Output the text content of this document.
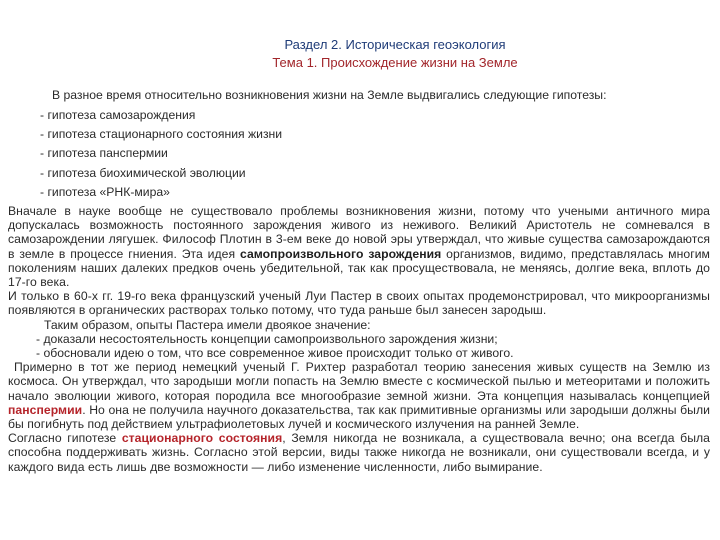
Раздел 2. Историческая геоэкология
Тема 1. Происхождение жизни на Земле
В разное время относительно возникновения жизни на Земле выдвигались следующие гипотезы:
- гипотеза самозарождения
- гипотеза стационарного состояния жизни
- гипотеза панспермии
- гипотеза биохимической эволюции
- гипотеза «РНК-мира»

Вначале в науке вообще не существовало проблемы возникновения жизни, потому что учеными античного мира допускалась возможность постоянного зарождения живого из неживого. Великий Аристотель не сомневался в самозарождении лягушек. Философ Плотин в 3-ем веке до новой эры утверждал, что живые существа самозарождаются в земле в процессе гниения. Эта идея самопроизвольного зарождения организмов, видимо, представлялась многим поколениям наших далеких предков очень убедительной, так как просуществовала, не меняясь, долгие века, вплоть до 17-го века.

И только в 60-х гг. 19-го века французский ученый Луи Пастер в своих опытах продемонстрировал, что микроорганизмы появляются в органических растворах только потому, что туда раньше был занесен зародыш.

Таким образом, опыты Пастера имели двоякое значение:

- доказали несостоятельность концепции самопроизвольного зарождения жизни;

- обосновали идею о том, что все современное живое происходит только от живого.

Примерно в тот же период немецкий ученый Г. Рихтер разработал теорию занесения живых существ на Землю из космоса. Он утверждал, что зародыши могли попасть на Землю вместе с космической пылью и метеоритами и положить начало эволюции живого, которая породила все многообразие земной жизни. Эта концепция называлась концепцией панспермии. Но она не получила научного доказательства, так как примитивные организмы или зародыши должны были бы погибнуть под действием ультрафиолетовых лучей и космического излучения на ранней Земле.

Согласно гипотезе стационарного состояния, Земля никогда не возникала, а существовала вечно; она всегда была способна поддерживать жизнь. Согласно этой версии, виды также никогда не возникали, они существовали всегда, и у каждого вида есть лишь две возможности — либо изменение численности, либо вымирание.
